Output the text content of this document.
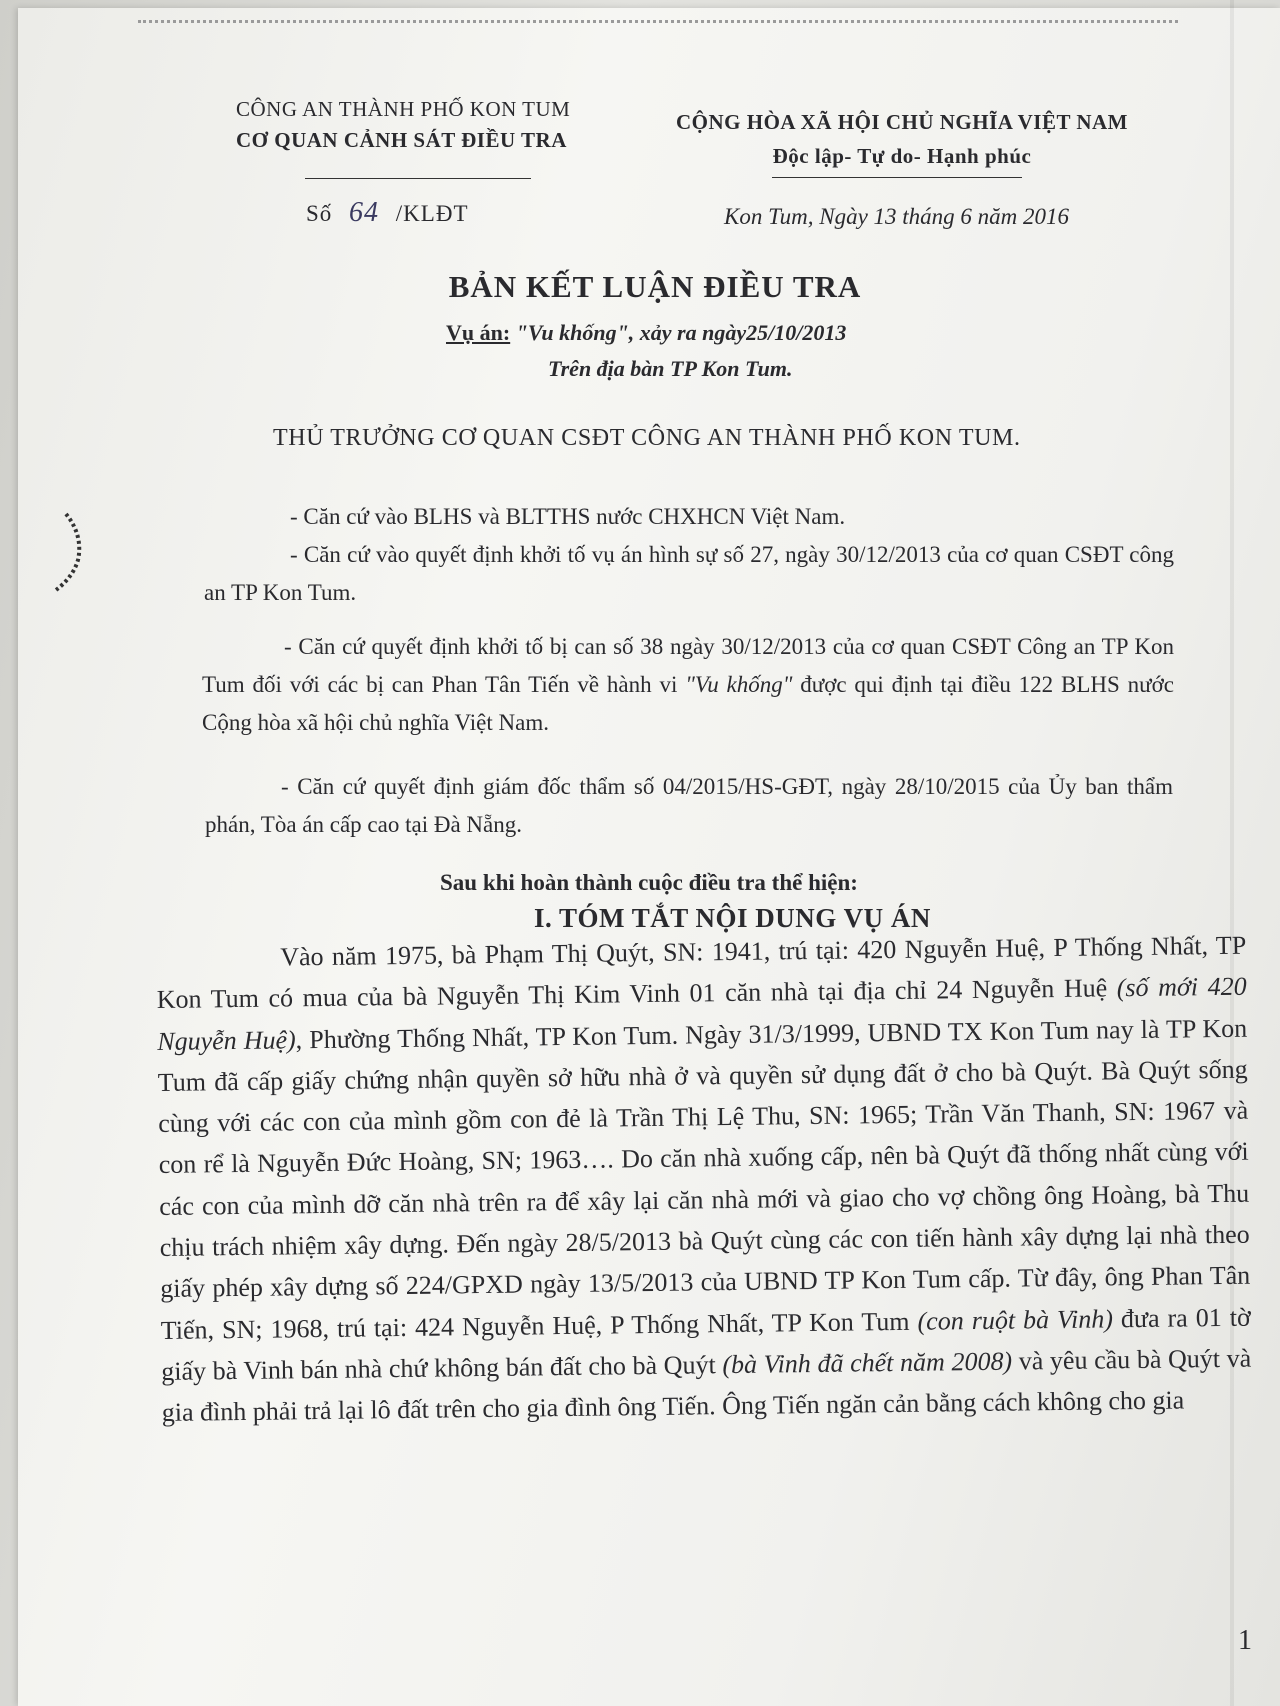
CÔNG AN THÀNH PHỐ KON TUM
CƠ QUAN CẢNH SÁT ĐIỀU TRA
CỘNG HÒA XÃ HỘI CHỦ NGHĨA VIỆT NAM
Độc lập- Tự do- Hạnh phúc
Số 64 /KLĐT	Kon Tum, Ngày 13 tháng 6 năm 2016
BẢN KẾT LUẬN ĐIỀU TRA
Vụ án: "Vu khống", xảy ra ngày25/10/2013
Trên địa bàn TP Kon Tum.
THỦ TRƯỞNG CƠ QUAN CSĐT CÔNG AN THÀNH PHỐ KON TUM.
- Căn cứ vào BLHS và BLTTHS nước CHXHCN Việt Nam.
- Căn cứ vào quyết định khởi tố vụ án hình sự số 27, ngày 30/12/2013 của cơ quan CSĐT công an TP Kon Tum.
- Căn cứ quyết định khởi tố bị can số 38 ngày 30/12/2013 của cơ quan CSĐT Công an TP Kon Tum đối với các bị can Phan Tân Tiến về hành vi "Vu khống" được qui định tại điều 122 BLHS nước Cộng hòa xã hội chủ nghĩa Việt Nam.
- Căn cứ quyết định giám đốc thẩm số 04/2015/HS-GĐT, ngày 28/10/2015 của Ủy ban thẩm phán, Tòa án cấp cao tại Đà Nẵng.
Sau khi hoàn thành cuộc điều tra thể hiện:
I. TÓM TẮT NỘI DUNG VỤ ÁN
Vào năm 1975, bà Phạm Thị Quýt, SN: 1941, trú tại: 420 Nguyễn Huệ, P Thống Nhất, TP Kon Tum có mua của bà Nguyễn Thị Kim Vinh 01 căn nhà tại địa chỉ 24 Nguyễn Huệ (số mới 420 Nguyễn Huệ), Phường Thống Nhất, TP Kon Tum. Ngày 31/3/1999, UBND TX Kon Tum nay là TP Kon Tum đã cấp giấy chứng nhận quyền sở hữu nhà ở và quyền sử dụng đất ở cho bà Quýt. Bà Quýt sống cùng với các con của mình gồm con đẻ là Trần Thị Lệ Thu, SN: 1965; Trần Văn Thanh, SN: 1967 và con rể là Nguyễn Đức Hoàng, SN; 1963…. Do căn nhà xuống cấp, nên bà Quýt đã thống nhất cùng với các con của mình dỡ căn nhà trên ra để xây lại căn nhà mới và giao cho vợ chồng ông Hoàng, bà Thu chịu trách nhiệm xây dựng. Đến ngày 28/5/2013 bà Quýt cùng các con tiến hành xây dựng lại nhà theo giấy phép xây dựng số 224/GPXD ngày 13/5/2013 của UBND TP Kon Tum cấp. Từ đây, ông Phan Tân Tiến, SN; 1968, trú tại: 424 Nguyễn Huệ, P Thống Nhất, TP Kon Tum (con ruột bà Vinh) đưa ra 01 tờ giấy bà Vinh bán nhà chứ không bán đất cho bà Quýt (bà Vinh đã chết năm 2008) và yêu cầu bà Quýt và gia đình phải trả lại lô đất trên cho gia đình ông Tiến. Ông Tiến ngăn cản bằng cách không cho gia
1
